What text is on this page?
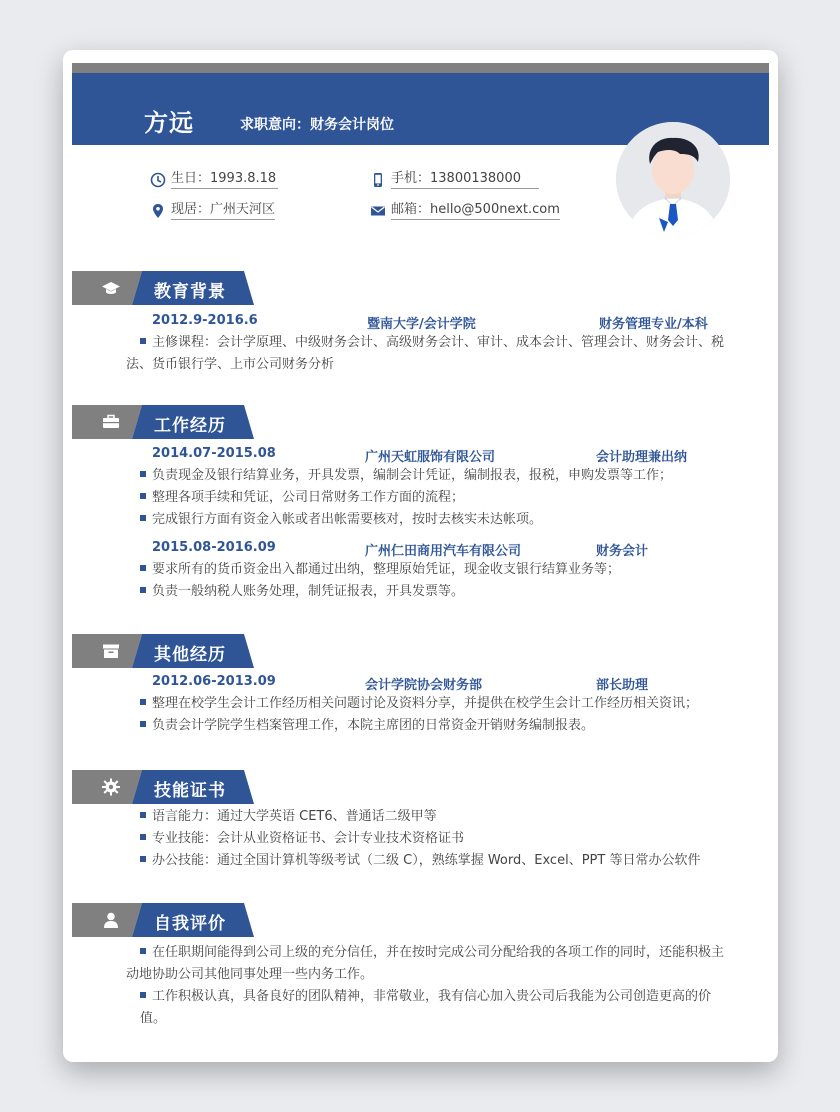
方远	求职意向：财务会计岗位
生日：1993.8.18	手机：13800138000
现居：广州天河区	邮箱：hello@500next.com
教育背景
2012.9-2016.6	暨南大学/会计学院	财务管理专业/本科
主修课程：会计学原理、中级财务会计、高级财务会计、审计、成本会计、管理会计、财务会计、税
法、货币银行学、上市公司财务分析
工作经历
2014.07-2015.08	广州天虹服饰有限公司	会计助理兼出纳
负责现金及银行结算业务，开具发票，编制会计凭证，编制报表，报税，申购发票等工作；
整理各项手续和凭证，公司日常财务工作方面的流程；
完成银行方面有资金入帐或者出帐需要核对，按时去核实未达帐项。
2015.08-2016.09	广州仁田商用汽车有限公司	财务会计
要求所有的货币资金出入都通过出纳，整理原始凭证，现金收支银行结算业务等；
负责一般纳税人账务处理，制凭证报表，开具发票等。
其他经历
2012.06-2013.09	会计学院协会财务部	部长助理
整理在校学生会计工作经历相关问题讨论及资料分享，并提供在校学生会计工作经历相关资讯；
负责会计学院学生档案管理工作，本院主席团的日常资金开销财务编制报表。
技能证书
语言能力：通过大学英语 CET6、普通话二级甲等
专业技能：会计从业资格证书、会计专业技术资格证书
办公技能：通过全国计算机等级考试（二级 C），熟练掌握 Word、Excel、PPT 等日常办公软件
自我评价
在任职期间能得到公司上级的充分信任，并在按时完成公司分配给我的各项工作的同时，还能积极主
动地协助公司其他同事处理一些内务工作。
工作积极认真，具备良好的团队精神，非常敬业，我有信心加入贵公司后我能为公司创造更高的价值。
